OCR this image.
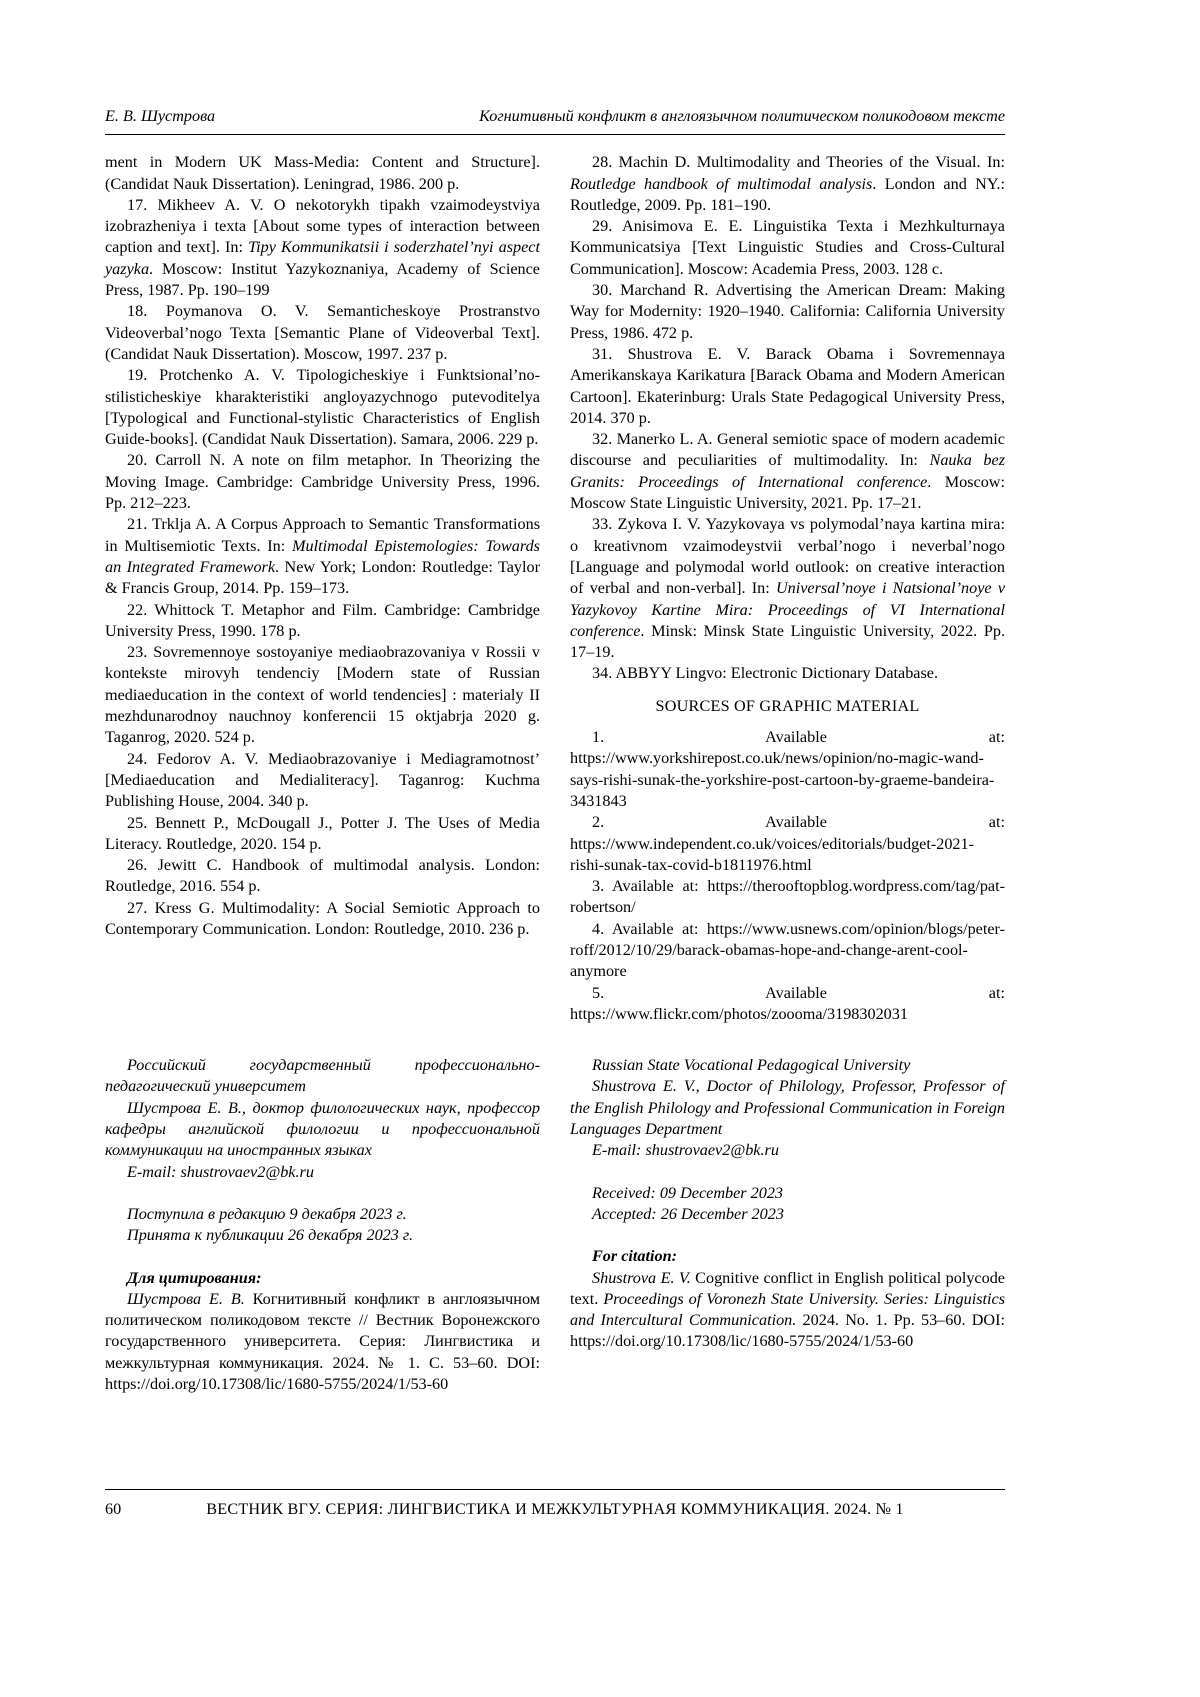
Е. В. Шустрова	Когнитивный конфликт в англоязычном политическом поликодовом тексте

ment in Modern UK Mass-Media: Content and Structure]. (Candidat Nauk Dissertation). Leningrad, 1986. 200 p.

17. Mikheev A. V. O nekotorykh tipakh vzaimodeystviya izobrazheniya i texta [About some types of interaction between caption and text]. In: Tipy Kommunikatsii i soderzhatel’nyi aspect yazyka. Moscow: Institut Yazykoznaniya, Academy of Science Press, 1987. Pp. 190–199

18. Poymanova O. V. Semanticheskoye Prostranstvo Videoverbal’nogo Texta [Semantic Plane of Videoverbal Text]. (Candidat Nauk Dissertation). Moscow, 1997. 237 p.

19. Protchenko A. V. Tipologicheskiye i Funktsional’no-stilisticheskiye kharakteristiki angloyazychnogo putevoditelya [Typological and Functional-stylistic Characteristics of English Guide-books]. (Candidat Nauk Dissertation). Samara, 2006. 229 p.

20. Carroll N. A note on film metaphor. In Theorizing the Moving Image. Cambridge: Cambridge University Press, 1996. Pp. 212–223.

21. Trklja A. A Corpus Approach to Semantic Transformations in Multisemiotic Texts. In: Multimodal Epistemologies: Towards an Integrated Framework. New York; London: Routledge: Taylor & Francis Group, 2014. Pp. 159–173.

22. Whittock T. Metaphor and Film. Cambridge: Cambridge University Press, 1990. 178 p.

23. Sovremennoye sostoyaniye mediaobrazovaniya v Rossii v kontekste mirovyh tendenciy [Modern state of Russian mediaeducation in the context of world tendencies] : materialy II mezhdunarodnoy nauchnoy konferencii 15 oktjabrja 2020 g. Taganrog, 2020. 524 p.

24. Fedorov A. V. Mediaobrazovaniye i Mediagramotnost’ [Mediaeducation and Medialiteracy]. Taganrog: Kuchma Publishing House, 2004. 340 p.

25. Bennett P., McDougall J., Potter J. The Uses of Media Literacy. Routledge, 2020. 154 p.

26. Jewitt C. Handbook of multimodal analysis. London: Routledge, 2016. 554 p.

27. Kress G. Multimodality: A Social Semiotic Approach to Contemporary Communication. London: Routledge, 2010. 236 p.

28. Machin D. Multimodality and Theories of the Visual. In: Routledge handbook of multimodal analysis. London and NY.: Routledge, 2009. Pp. 181–190.

29. Anisimova E. E. Linguistika Texta i Mezhkulturnaya Kommunicatsiya [Text Linguistic Studies and Cross-Cultural Communication]. Moscow: Academia Press, 2003. 128 c.

30. Marchand R. Advertising the American Dream: Making Way for Modernity: 1920–1940. California: California University Press, 1986. 472 p.

31. Shustrova E. V. Barack Obama i Sovremennaya Amerikanskaya Karikatura [Barack Obama and Modern American Cartoon]. Ekaterinburg: Urals State Pedagogical University Press, 2014. 370 p.

32. Manerko L. A. General semiotic space of modern academic discourse and peculiarities of multimodality. In: Nauka bez Granits: Proceedings of International conference. Moscow: Moscow State Linguistic University, 2021. Pp. 17–21.

33. Zykova I. V. Yazykovaya vs polymodal’naya kartina mira: o kreativnom vzaimodeystvii verbal’nogo i neverbal’nogo [Language and polymodal world outlook: on creative interaction of verbal and non-verbal]. In: Universal’noye i Natsional’noye v Yazykovoy Kartine Mira: Proceedings of VI International conference. Minsk: Minsk State Linguistic University, 2022. Pp. 17–19.

34. ABBYY Lingvo: Electronic Dictionary Database.

SOURCES OF GRAPHIC MATERIAL

1. Available at: https://www.yorkshirepost.co.uk/news/opinion/no-magic-wand-says-rishi-sunak-the-yorkshire-post-cartoon-by-graeme-bandeira-3431843

2. Available at: https://www.independent.co.uk/voices/editorials/budget-2021-rishi-sunak-tax-covid-b1811976.html

3. Available at: https://therooftopblog.wordpress.com/tag/pat-robertson/

4. Available at: https://www.usnews.com/opinion/blogs/peter-roff/2012/10/29/barack-obamas-hope-and-change-arent-cool-anymore

5. Available at: https://www.flickr.com/photos/zoooma/3198302031

Российский государственный профессионально-педагогический университет

Шустрова Е. В., доктор филологических наук, профессор кафедры английской филологии и профессиональной коммуникации на иностранных языках

E-mail: shustrovaev2@bk.ru

Поступила в редакцию 9 декабря 2023 г.

Принята к публикации 26 декабря 2023 г.

Для цитирования:

Шустрова Е. В. Когнитивный конфликт в англоязычном политическом поликодовом тексте // Вестник Воронежского государственного университета. Серия: Лингвистика и межкультурная коммуникация. 2024. № 1. С. 53–60. DOI: https://doi.org/10.17308/lic/1680-5755/2024/1/53-60

Russian State Vocational Pedagogical University

Shustrova E. V., Doctor of Philology, Professor, Professor of the English Philology and Professional Communication in Foreign Languages Department

E-mail: shustrovaev2@bk.ru

Received: 09 December 2023

Accepted: 26 December 2023

For citation:

Shustrova E. V. Cognitive conflict in English political polycode text. Proceedings of Voronezh State University. Series: Linguistics and Intercultural Communication. 2024. No. 1. Pp. 53–60. DOI: https://doi.org/10.17308/lic/1680-5755/2024/1/53-60

60	ВЕСТНИК ВГУ. СЕРИЯ: ЛИНГВИСТИКА И МЕЖКУЛЬТУРНАЯ КОММУНИКАЦИЯ. 2024. № 1
